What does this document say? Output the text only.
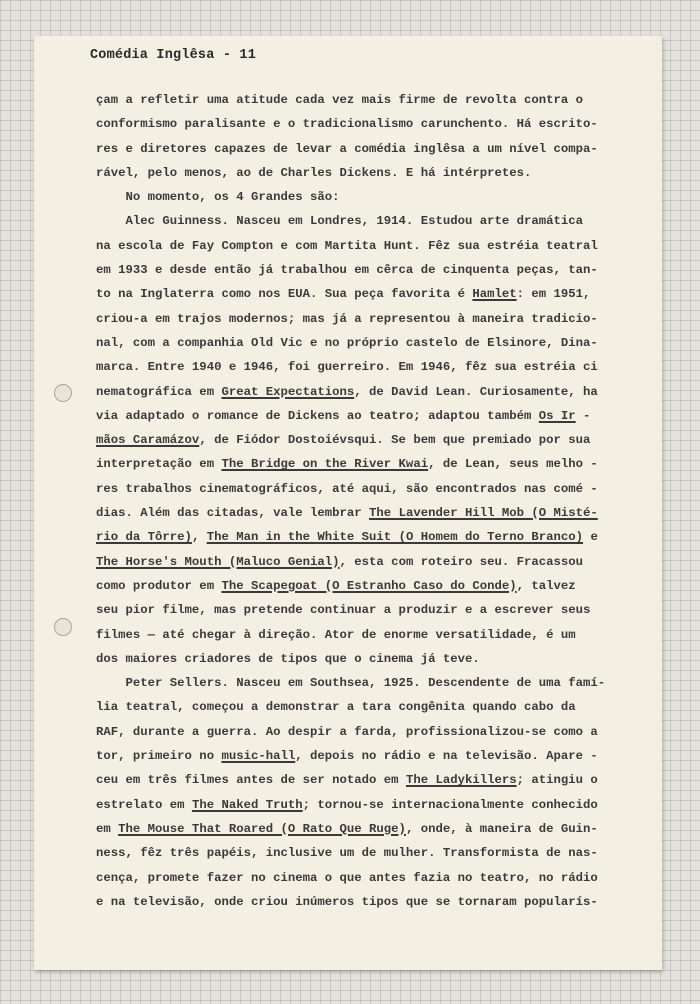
Comédia Inglêsa - 11
çam a refletir uma atitude cada vez mais firme de revolta contra o
conformismo paralisante e o tradicionalismo carunchento. Há escrito-
res e diretores capazes de levar a comédia inglêsa a um nível compa-
rável, pelo menos, ao de Charles Dickens. E há intérpretes.
No momento, os 4 Grandes são:
Alec Guinness. Nasceu em Londres, 1914. Estudou arte dramática
na escola de Fay Compton e com Martita Hunt. Fêz sua estréia teatral
em 1933 e desde então já trabalhou em cêrca de cinquenta peças, tan-
to na Inglaterra como nos EUA. Sua peça favorita é Hamlet: em 1951,
criou-a em trajos modernos; mas já a representou à maneira tradicio-
nal, com a companhia Old Vic e no próprio castelo de Elsinore, Dina-
marca. Entre 1940 e 1946, foi guerreiro. Em 1946, fêz sua estréia ci
nematográfica em Great Expectations, de David Lean. Curiosamente, ha
via adaptado o romance de Dickens ao teatro; adaptou também Os Ir -
mãos Caramázov, de Fiódor Dostoiévsqui. Se bem que premiado por sua
interpretação em The Bridge on the River Kwai, de Lean, seus melho -
res trabalhos cinematográficos, até aqui, são encontrados nas comé -
dias. Além das citadas, vale lembrar The Lavender Hill Mob (O Misté-
rio da Tôrre), The Man in the White Suit (O Homem do Terno Branco) e
The Horse's Mouth (Maluco Genial), esta com roteiro seu. Fracassou
como produtor em The Scapegoat (O Estranho Caso do Conde), talvez
seu pior filme, mas pretende continuar a produzir e a escrever seus
filmes — até chegar à direção. Ator de enorme versatilidade, é um
dos maiores criadores de tipos que o cinema já teve.
Peter Sellers. Nasceu em Southsea, 1925. Descendente de uma famí-
lia teatral, começou a demonstrar a tara congênita quando cabo da
RAF, durante a guerra. Ao despir a farda, profissionalizou-se como a
tor, primeiro no music-hall, depois no rádio e na televisão. Apare -
ceu em três filmes antes de ser notado em The Ladykillers; atingiu o
estrelato em The Naked Truth; tornou-se internacionalmente conhecido
em The Mouse That Roared (O Rato Que Ruge), onde, à maneira de Guin-
ness, fêz três papéis, inclusive um de mulher. Transformista de nas-
cença, promete fazer no cinema o que antes fazia no teatro, no rádio
e na televisão, onde criou inúmeros tipos que se tornaram popularís-
